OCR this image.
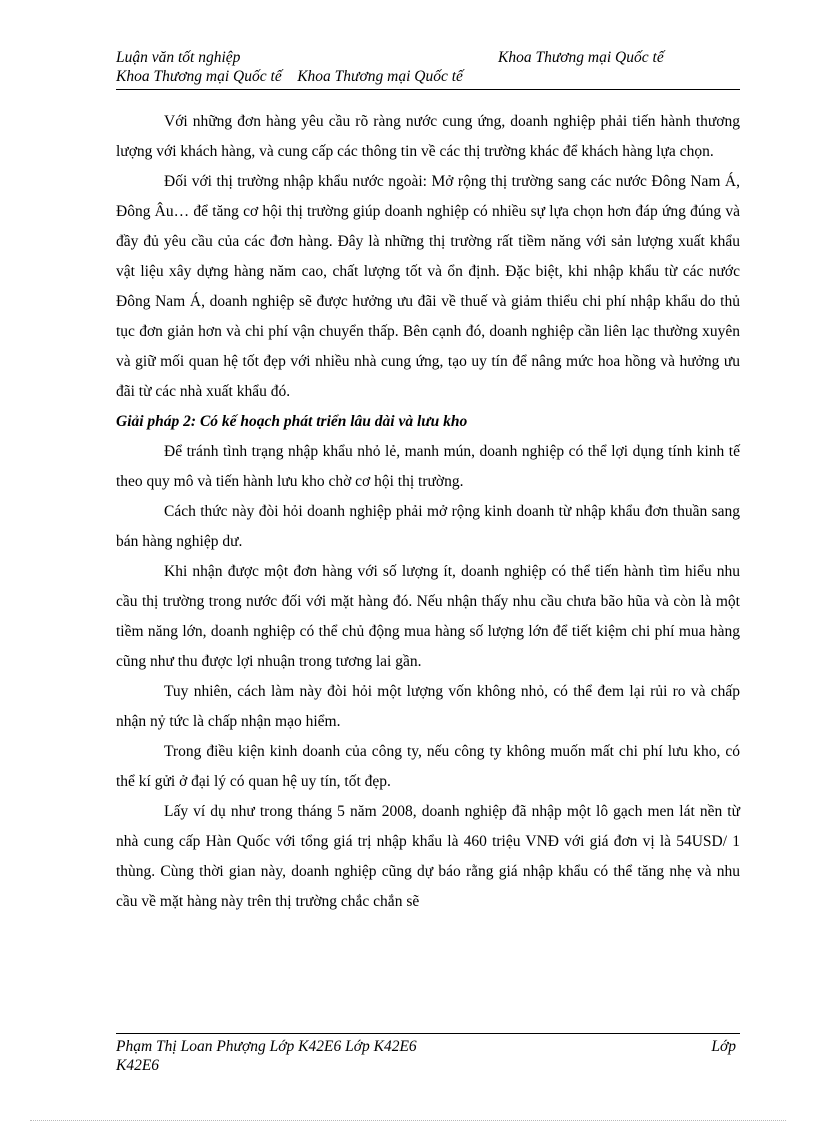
Luận văn tốt nghiệp	Khoa Thương mại Quốc tế
Khoa Thương mại Quốc tế    Khoa Thương mại Quốc tế

Với những đơn hàng yêu cầu rõ ràng nước cung ứng, doanh nghiệp phải tiến hành thương lượng với khách hàng, và cung cấp các thông tin về các thị trường khác để khách hàng lựa chọn.

Đối với thị trường nhập khẩu nước ngoài: Mở rộng thị trường sang các nước Đông Nam Á, Đông Âu… để tăng cơ hội thị trường giúp doanh nghiệp có nhiều sự lựa chọn hơn đáp ứng đúng và đầy đủ yêu cầu của các đơn hàng. Đây là những thị trường rất tiềm năng với sản lượng xuất khẩu vật liệu xây dựng hàng năm cao, chất lượng tốt và ổn định. Đặc biệt, khi nhập khẩu từ các nước Đông Nam Á, doanh nghiệp sẽ được hưởng ưu đãi về thuế và giảm thiểu chi phí nhập khẩu do thủ tục đơn giản hơn và chi phí vận chuyển thấp. Bên cạnh đó, doanh nghiệp cần liên lạc thường xuyên và giữ mối quan hệ tốt đẹp với nhiều nhà cung ứng, tạo uy tín để nâng mức hoa hồng và hưởng ưu đãi từ các nhà xuất khẩu đó.

Giải pháp 2: Có kế hoạch phát triển lâu dài và lưu kho

Để tránh tình trạng nhập khẩu nhỏ lẻ, manh mún, doanh nghiệp có thể lợi dụng tính kinh tế theo quy mô và tiến hành lưu kho chờ cơ hội thị trường.

Cách thức này đòi hỏi doanh nghiệp phải mở rộng kinh doanh từ nhập khẩu đơn thuần sang bán hàng nghiệp dư.

Khi nhận được một đơn hàng với số lượng ít, doanh nghiệp có thể tiến hành tìm hiểu nhu cầu thị trường trong nước đối với mặt hàng đó. Nếu nhận thấy nhu cầu chưa bão hũa và còn là một tiềm năng lớn, doanh nghiệp có thể chủ động mua hàng số lượng lớn để tiết kiệm chi phí mua hàng cũng như thu được lợi nhuận trong tương lai gần.

Tuy nhiên, cách làm này đòi hỏi một lượng vốn không nhỏ, có thể đem lại rủi ro và chấp nhận nỷ tức là chấp nhận mạo hiểm.

Trong điều kiện kinh doanh của công ty, nếu công ty không muốn mất chi phí lưu kho, có thể kí gửi ở đại lý có quan hệ uy tín, tốt đẹp.

Lấy ví dụ như trong tháng 5 năm 2008, doanh nghiệp đã nhập một lô gạch men lát nền từ nhà cung cấp Hàn Quốc với tổng giá trị nhập khẩu là 460 triệu VNĐ với giá đơn vị là 54USD/ 1 thùng. Cùng thời gian này, doanh nghiệp cũng dự báo rằng giá nhập khẩu có thể tăng nhẹ và nhu cầu về mặt hàng này trên thị trường chắc chắn sẽ

Phạm Thị Loan Phượng Lớp K42E6 Lớp K42E6	Lớp
K42E6
